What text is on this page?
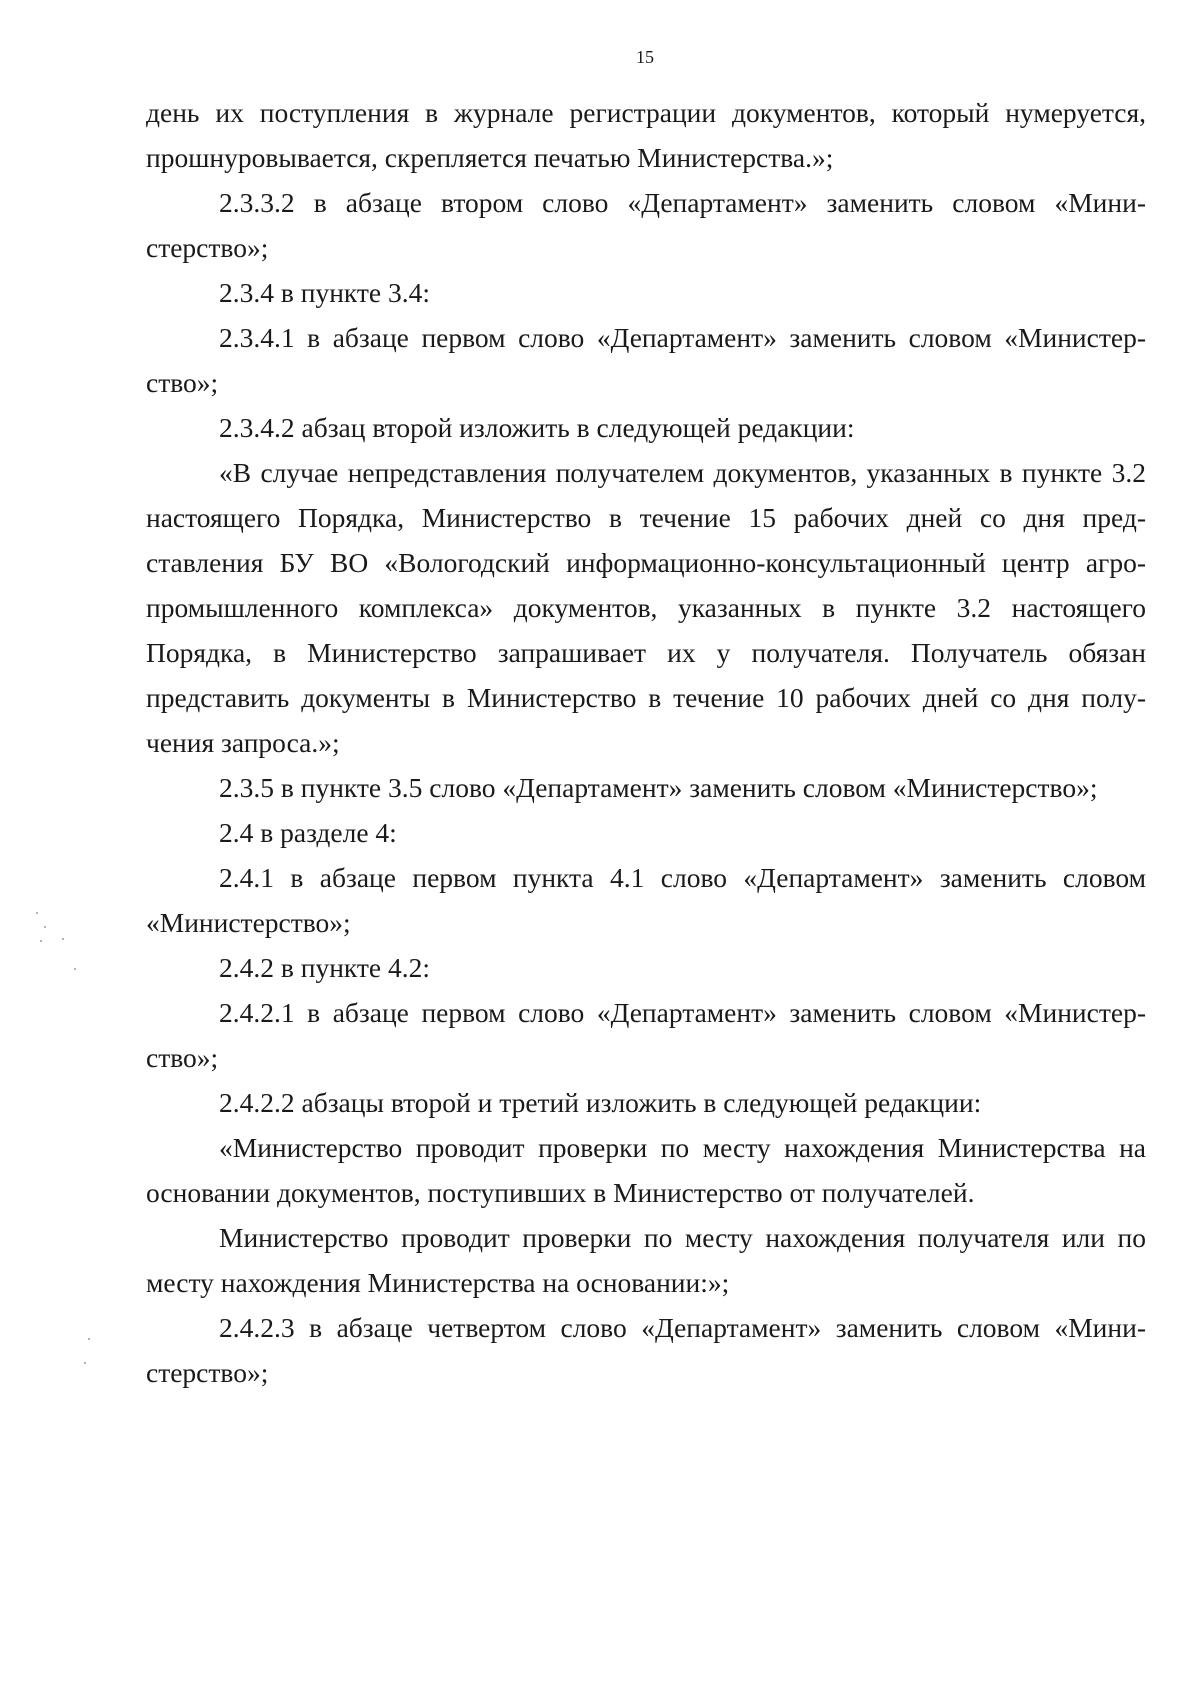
15

день их поступления в журнале регистрации документов, который нумеруется, прошнуровывается, скрепляется печатью Министерства.»;

2.3.3.2 в абзаце втором слово «Департамент» заменить словом «Министерство»;

2.3.4 в пункте 3.4:

2.3.4.1 в абзаце первом слово «Департамент» заменить словом «Министерство»;

2.3.4.2 абзац второй изложить в следующей редакции:

«В случае непредставления получателем документов, указанных в пункте 3.2 настоящего Порядка, Министерство в течение 15 рабочих дней со дня представления БУ ВО «Вологодский информационно-консультационный центр агропромышленного комплекса» документов, указанных в пункте 3.2 настоящего Порядка, в Министерство запрашивает их у получателя. Получатель обязан представить документы в Министерство в течение 10 рабочих дней со дня получения запроса.»;

2.3.5 в пункте 3.5 слово «Департамент» заменить словом «Министерство»;

2.4 в разделе 4:

2.4.1 в абзаце первом пункта 4.1 слово «Департамент» заменить словом «Министерство»;

2.4.2 в пункте 4.2:

2.4.2.1 в абзаце первом слово «Департамент» заменить словом «Министерство»;

2.4.2.2 абзацы второй и третий изложить в следующей редакции:

«Министерство проводит проверки по месту нахождения Министерства на основании документов, поступивших в Министерство от получателей.

Министерство проводит проверки по месту нахождения получателя или по месту нахождения Министерства на основании:»;

2.4.2.3 в абзаце четвертом слово «Департамент» заменить словом «Министерство»;
